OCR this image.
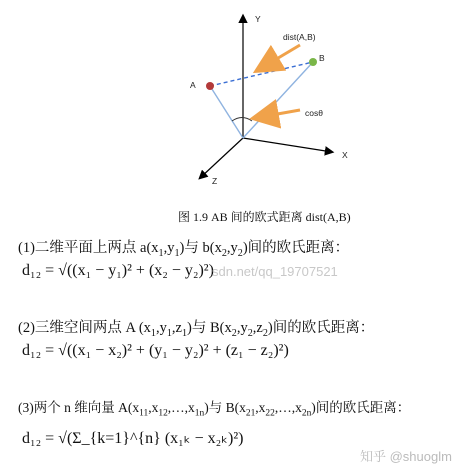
Y
X
Z
A
B
dist(A,B)
cosθ
图 1.9 AB 间的欧式距离 dist(A,B)
(1)二维平面上两点 $a(x_1,y_1)$与 $b(x_2,y_2)$间的欧氏距离：
d₁₂ = √((x₁ − y₁)² + (x₂ − y₂)²)
(2)三维空间两点 A $(x_1,y_1,z_1)$与 $B(x_2,y_2,z_2)$间的欧氏距离：
d₁₂ = √((x₁ − x₂)² + (y₁ − y₂)² + (z₁ − z₂)²)
(3)两个 n 维向量 $A(x_{11},x_{12},\dots,x_{1n})$与 $B(x_{21},x_{22},\dots,x_{2n})$间的欧氏距离：
d₁₂ = √(Σ_{k=1}^{n} (x₁ₖ − x₂ₖ)²)
sdn.net/qq_19707521
知乎 @shuoglm
